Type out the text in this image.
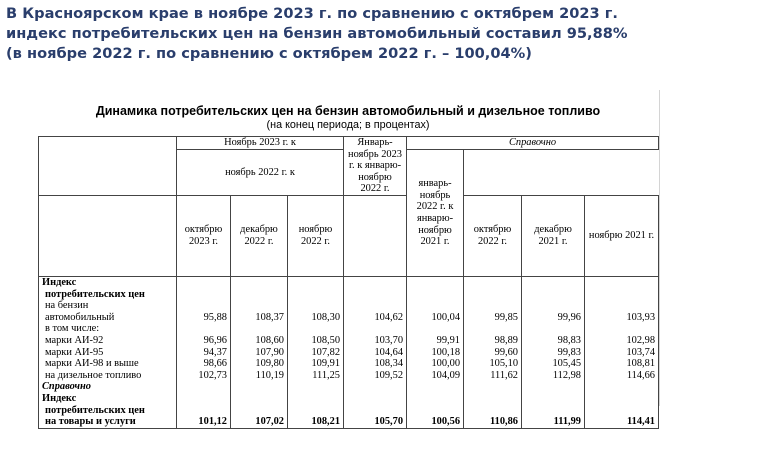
В Красноярском крае в ноябре 2023 г. по сравнению с октябрем 2023 г.
индекс потребительских цен на бензин автомобильный составил 95,88%
(в ноябре 2022 г. по сравнению с октябрем 2022 г. – 100,04%)
Динамика потребительских цен на бензин автомобильный и дизельное топливо
(на конец периода; в процентах)
	Ноябрь 2023 г. к			Январь-ноябрь 2023 г. к январю-ноябрю 2022 г.	Справочно			
	ноябрь 2022 г. к				январь-ноябрь 2022 г. к январю-ноябрю 2021 г.			
	октябрю 2023 г.	декабрю 2022 г.	ноябрю 2022 г.			октябрю 2022 г.	декабрю 2021 г.	ноябрю 2021 г.
Индекс								
потребительских цен								
на бензин								
автомобильный	95,88	108,37	108,30	104,62	100,04	99,85	99,96	103,93
в том числе:								
марки АИ-92	96,96	108,60	108,50	103,70	99,91	98,89	98,83	102,98
марки АИ-95	94,37	107,90	107,82	104,64	100,18	99,60	99,83	103,74
марки АИ-98 и выше	98,66	109,80	109,91	108,34	100,00	105,10	105,45	108,81
на дизельное топливо	102,73	110,19	111,25	109,52	104,09	111,62	112,98	114,66
Справочно								
Индекс								
потребительских цен								
на товары и услуги	101,12	107,02	108,21	105,70	100,56	110,86	111,99	114,41
